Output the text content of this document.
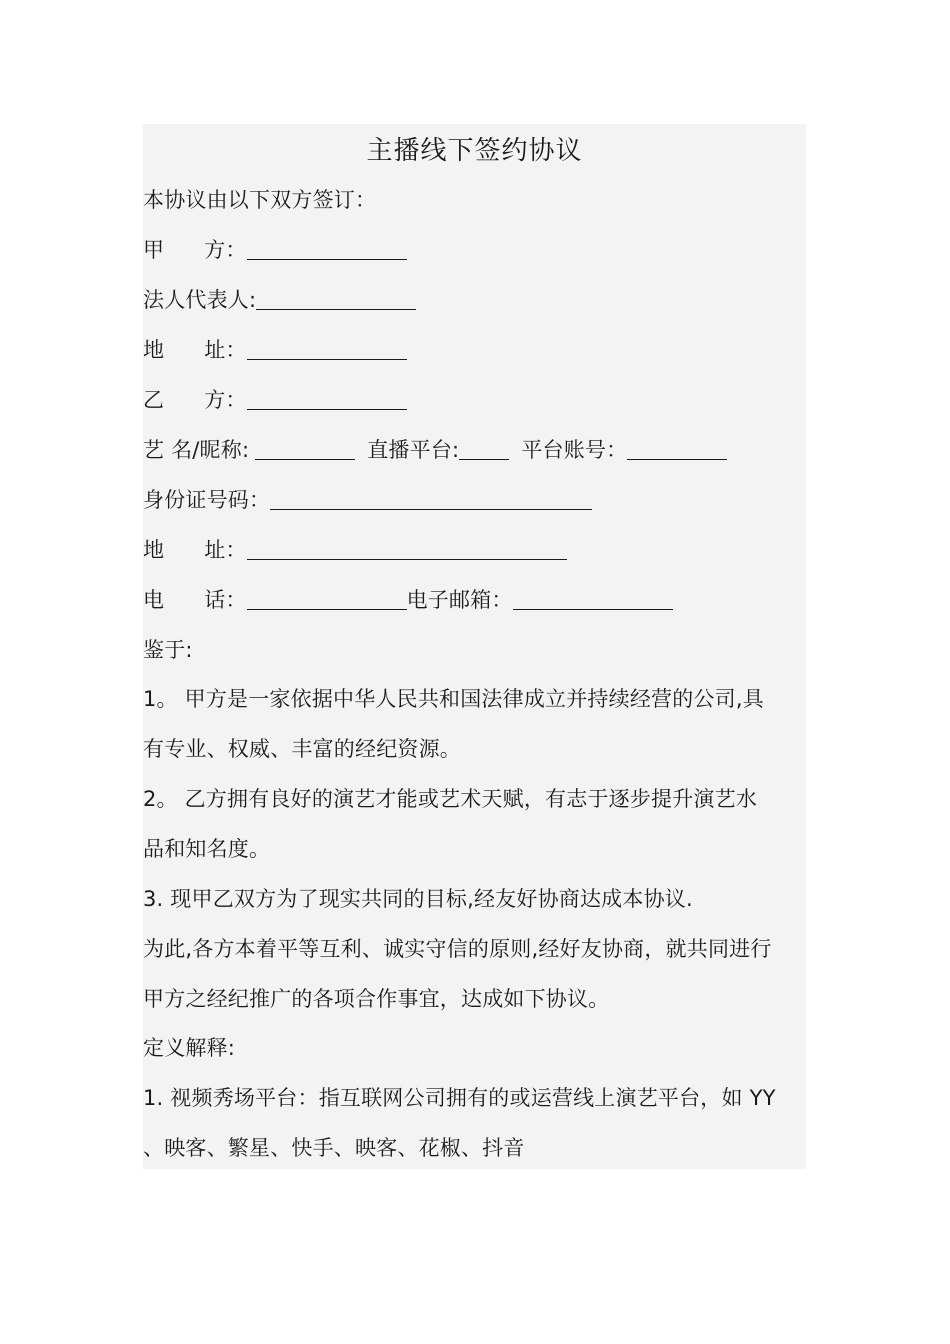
主播线下签约协议
本协议由以下双方签订：
甲 方：
法人代表人:
地 址：
乙 方：
艺 名/昵称:	直播平台:	平台账号：
身份证号码：
地 址：
电 话：	电子邮箱：
鉴于:
1。 甲方是一家依据中华人民共和国法律成立并持续经营的公司,具
有专业、权威、丰富的经纪资源。
2。 乙方拥有良好的演艺才能或艺术天赋，有志于逐步提升演艺水
品和知名度。
3. 现甲乙双方为了现实共同的目标,经友好协商达成本协议.
为此,各方本着平等互利、诚实守信的原则,经好友协商，就共同进行
甲方之经纪推广的各项合作事宜，达成如下协议。
定义解释:
1. 视频秀场平台：指互联网公司拥有的或运营线上演艺平台，如 YY
、映客、繁星、快手、映客、花椒、抖音
